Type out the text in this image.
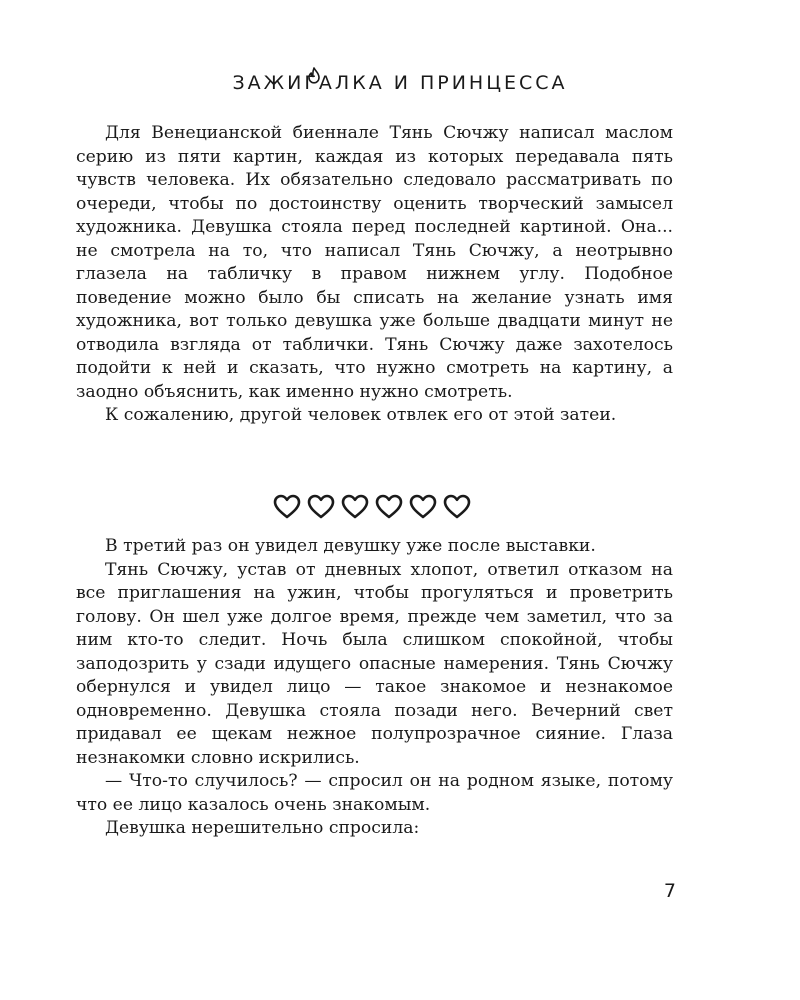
ЗАЖИГАЛКА И ПРИНЦЕССА

Для Венецианской биеннале Тянь Сючжу написал маслом серию из пяти картин, каждая из которых передавала пять чувств человека. Их обязательно следовало рассматривать по очереди, чтобы по достоинству оценить творческий замысел художника. Девушка стояла перед последней картиной. Она... не смотрела на то, что написал Тянь Сючжу, а неотрывно глазела на табличку в правом нижнем углу. Подобное поведение можно было бы списать на желание узнать имя художника, вот только девушка уже больше двадцати минут не отводила взгляда от таблички. Тянь Сючжу даже захотелось подойти к ней и сказать, что нужно смотреть на картину, а заодно объяснить, как именно нужно смотреть.

К сожалению, другой человек отвлек его от этой затеи.

В третий раз он увидел девушку уже после выставки.

Тянь Сючжу, устав от дневных хлопот, ответил отказом на все приглашения на ужин, чтобы прогуляться и проветрить голову. Он шел уже долгое время, прежде чем заметил, что за ним кто-то следит. Ночь была слишком спокойной, чтобы заподозрить у сзади идущего опасные намерения. Тянь Сючжу обернулся и увидел лицо — такое знакомое и незнакомое одновременно. Девушка стояла позади него. Вечерний свет придавал ее щекам нежное полупрозрачное сияние. Глаза незнакомки словно искрились.

— Что-то случилось? — спросил он на родном языке, потому что ее лицо казалось очень знакомым.

Девушка нерешительно спросила:

7
